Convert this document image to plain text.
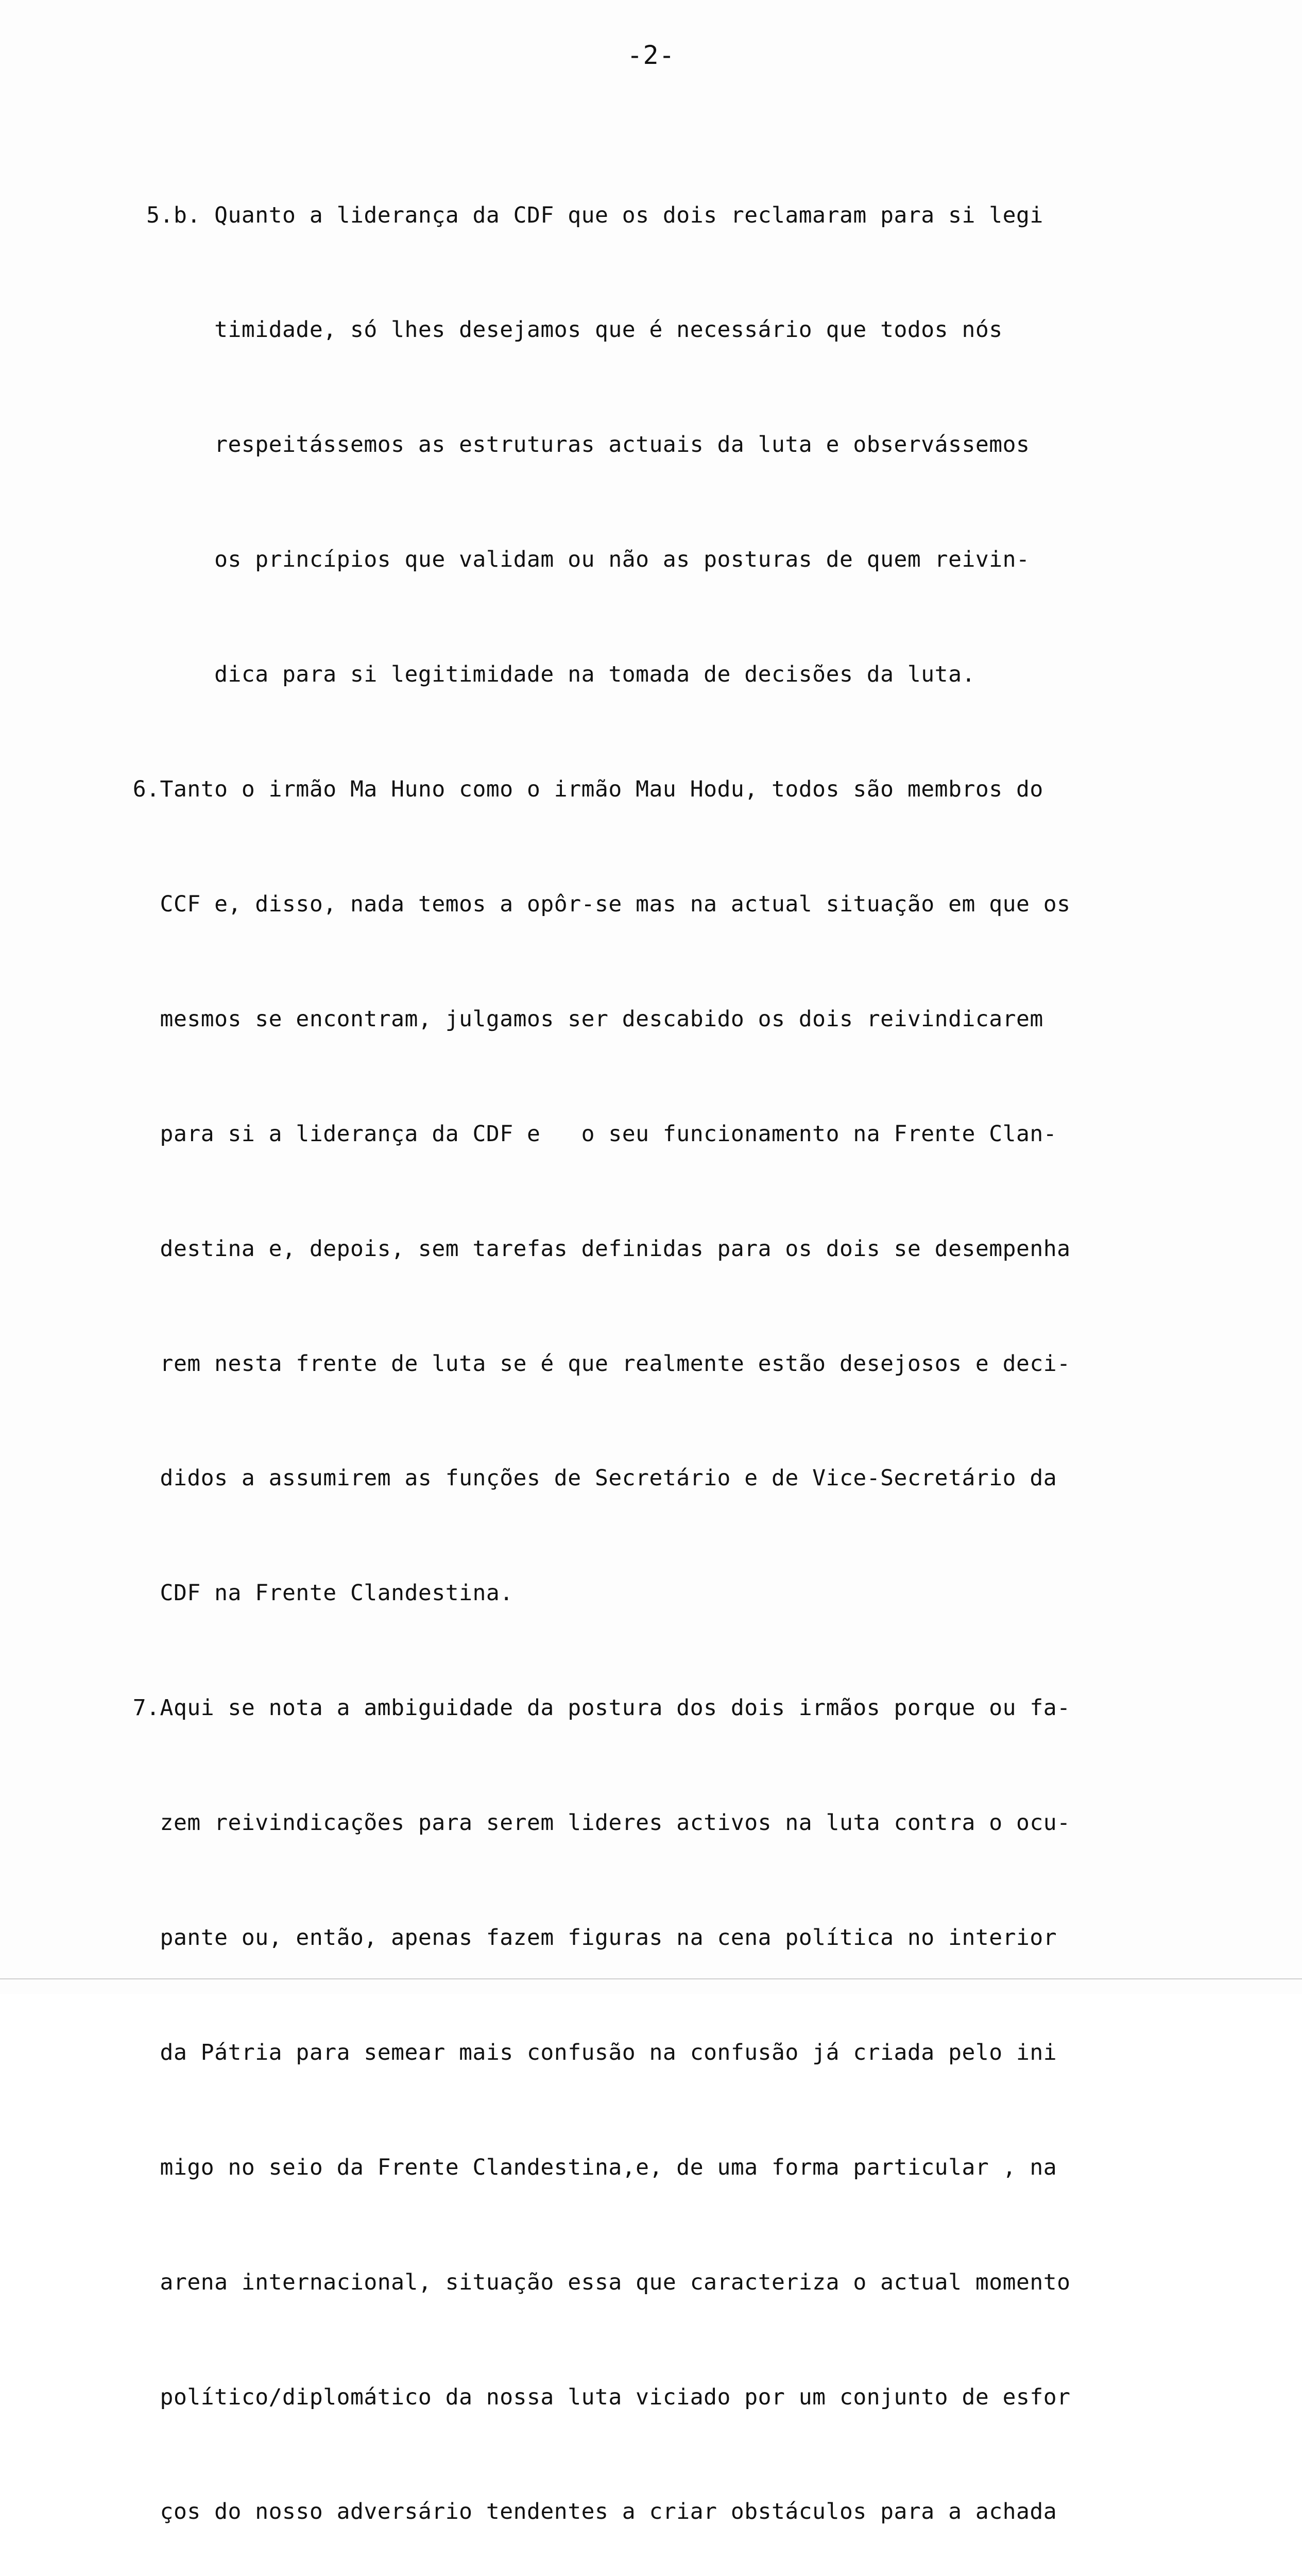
-2-

5.b. Quanto a liderança da CDF que os dois reclamaram para si legi

timidade, só lhes desejamos que é necessário que todos nós

respeitássemos as estruturas actuais da luta e observássemos

os princípios que validam ou não as posturas de quem reivin-

dica para si legitimidade na tomada de decisões da luta.

6.Tanto o irmão Ma Huno como o irmão Mau Hodu, todos são membros do

CCF e, disso, nada temos a opôr-se mas na actual situação em que os

mesmos se encontram, julgamos ser descabido os dois reivindicarem

para si a liderança da CDF e   o seu funcionamento na Frente Clan-

destina e, depois, sem tarefas definidas para os dois se desempenha

rem nesta frente de luta se é que realmente estão desejosos e deci-

didos a assumirem as funções de Secretário e de Vice-Secretário da

CDF na Frente Clandestina.

7.Aqui se nota a ambiguidade da postura dos dois irmãos porque ou fa-

zem reivindicações para serem lideres activos na luta contra o ocu-

pante ou, então, apenas fazem figuras na cena política no interior

da Pátria para semear mais confusão na confusão já criada pelo ini

migo no seio da Frente Clandestina,e, de uma forma particular , na

arena internacional, situação essa que caracteriza o actual momento

político/diplomático da nossa luta viciado por um conjunto de esfor

ços do nosso adversário tendentes a criar obstáculos para a achada
